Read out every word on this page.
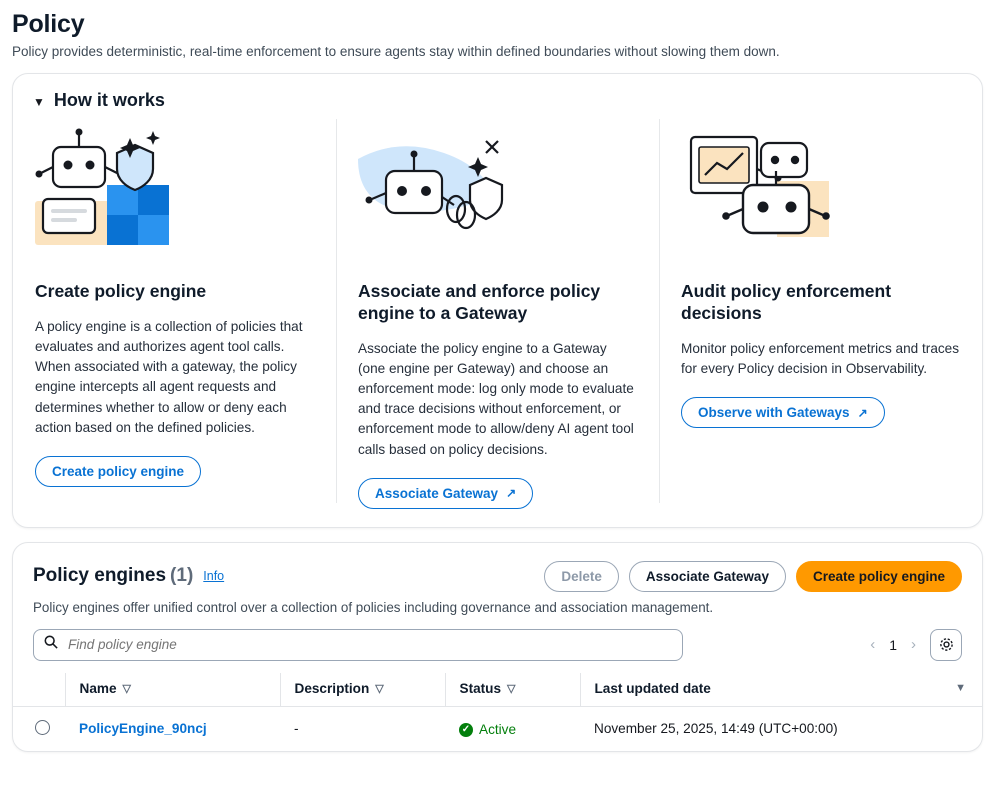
Policy
Policy provides deterministic, real-time enforcement to ensure agents stay within defined boundaries without slowing them down.
▼ How it works
Create policy engine
A policy engine is a collection of policies that evaluates and authorizes agent tool calls. When associated with a gateway, the policy engine intercepts all agent requests and determines whether to allow or deny each action based on the defined policies.
Create policy engine
Associate and enforce policy engine to a Gateway
Associate the policy engine to a Gateway (one engine per Gateway) and choose an enforcement mode: log only mode to evaluate and trace decisions without enforcement, or enforcement mode to allow/deny AI agent tool calls based on policy decisions.
Associate Gateway ↗
Audit policy enforcement decisions
Monitor policy enforcement metrics and traces for every Policy decision in Observability.
Observe with Gateways ↗
Policy engines (1) Info	Delete	Associate Gateway	Create policy engine
Policy engines offer unified control over a collection of policies including governance and association management.
Find policy engine
‹ 1 ›

	Name ▽	Description ▽	Status ▽	Last updated date ▼

	PolicyEngine_90ncj	-	✓ Active	November 25, 2025, 14:49 (UTC+00:00)
